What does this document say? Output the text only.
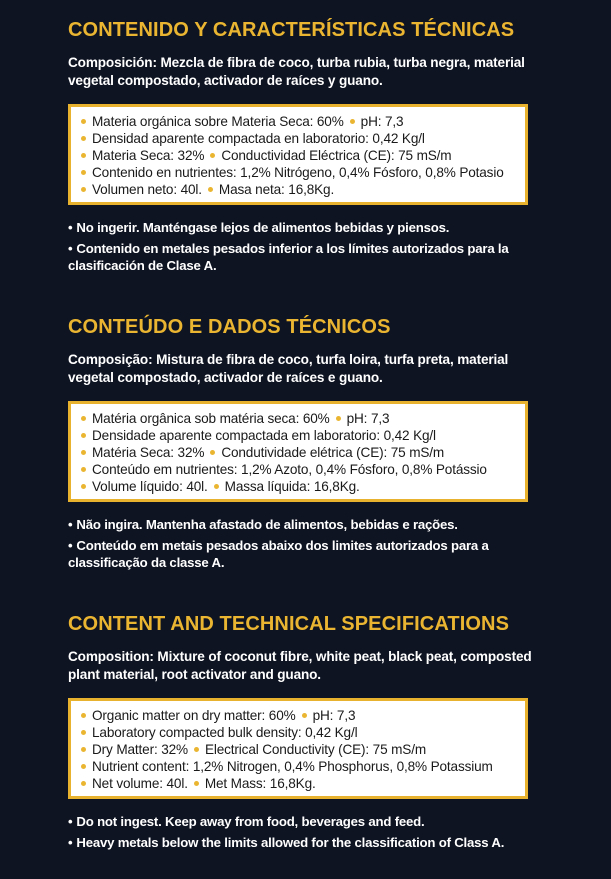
CONTENIDO Y CARACTERÍSTICAS TÉCNICAS
Composición: Mezcla de fibra de coco, turba rubia, turba negra, material vegetal compostado, activador de raíces y guano.
Materia orgánica sobre Materia Seca: 60% pH: 7,3
Densidad aparente compactada en laboratorio: 0,42 Kg/l
Materia Seca: 32% Conductividad Eléctrica (CE): 75 mS/m
Contenido en nutrientes: 1,2% Nitrógeno, 0,4% Fósforo, 0,8% Potasio
Volumen neto: 40l. Masa neta: 16,8Kg.
• No ingerir. Manténgase lejos de alimentos bebidas y piensos.
• Contenido en metales pesados inferior a los límites autorizados para la clasificación de Clase A.
CONTEÚDO E DADOS TÉCNICOS
Composição: Mistura de fibra de coco, turfa loira, turfa preta, material vegetal compostado, activador de raíces e guano.
Matéria orgânica sob matéria seca: 60% pH: 7,3
Densidade aparente compactada em laboratorio: 0,42 Kg/l
Matéria Seca: 32% Condutividade elétrica (CE): 75 mS/m
Conteúdo em nutrientes: 1,2% Azoto, 0,4% Fósforo, 0,8% Potássio
Volume líquido: 40l. Massa líquida: 16,8Kg.
• Não ingira. Mantenha afastado de alimentos, bebidas e rações.
• Conteúdo em metais pesados abaixo dos limites autorizados para a classificação da classe A.
CONTENT AND TECHNICAL SPECIFICATIONS
Composition: Mixture of coconut fibre, white peat, black peat, composted plant material, root activator and guano.
Organic matter on dry matter: 60% pH: 7,3
Laboratory compacted bulk density: 0,42 Kg/l
Dry Matter: 32% Electrical Conductivity (CE): 75 mS/m
Nutrient content: 1,2% Nitrogen, 0,4% Phosphorus, 0,8% Potassium
Net volume: 40l. Met Mass: 16,8Kg.
• Do not ingest. Keep away from food, beverages and feed.
• Heavy metals below the limits allowed for the classification of Class A.
